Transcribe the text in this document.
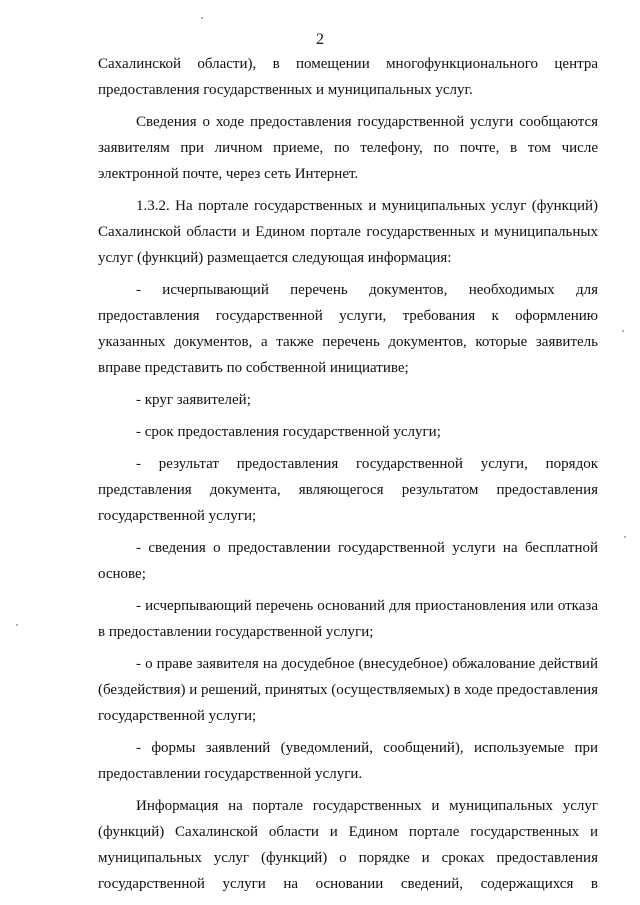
2

Сахалинской области), в помещении многофункционального центра
предоставления государственных и муниципальных услуг.

Сведения о ходе предоставления государственной услуги сообщаются
заявителям при личном приеме, по телефону, по почте, в том числе
электронной почте, через сеть Интернет.

1.3.2. На портале государственных и муниципальных услуг (функций)
Сахалинской области и Едином портале государственных и муниципальных
услуг (функций) размещается следующая информация:

- исчерпывающий перечень документов, необходимых для
предоставления государственной услуги, требования к оформлению
указанных документов, а также перечень документов, которые заявитель
вправе представить по собственной инициативе;

- круг заявителей;

- срок предоставления государственной услуги;

- результат предоставления государственной услуги, порядок
представления документа, являющегося результатом предоставления
государственной услуги;

- сведения о предоставлении государственной услуги на бесплатной
основе;

- исчерпывающий перечень оснований для приостановления или отказа
в предоставлении государственной услуги;

- о праве заявителя на досудебное (внесудебное) обжалование действий
(бездействия) и решений, принятых (осуществляемых) в ходе предоставления
государственной услуги;

- формы заявлений (уведомлений, сообщений), используемые при
предоставлении государственной услуги.

Информация на портале государственных и муниципальных услуг
(функций) Сахалинской области и Едином портале государственных и
муниципальных услуг (функций) о порядке и сроках предоставления
государственной услуги на основании сведений, содержащихся в
